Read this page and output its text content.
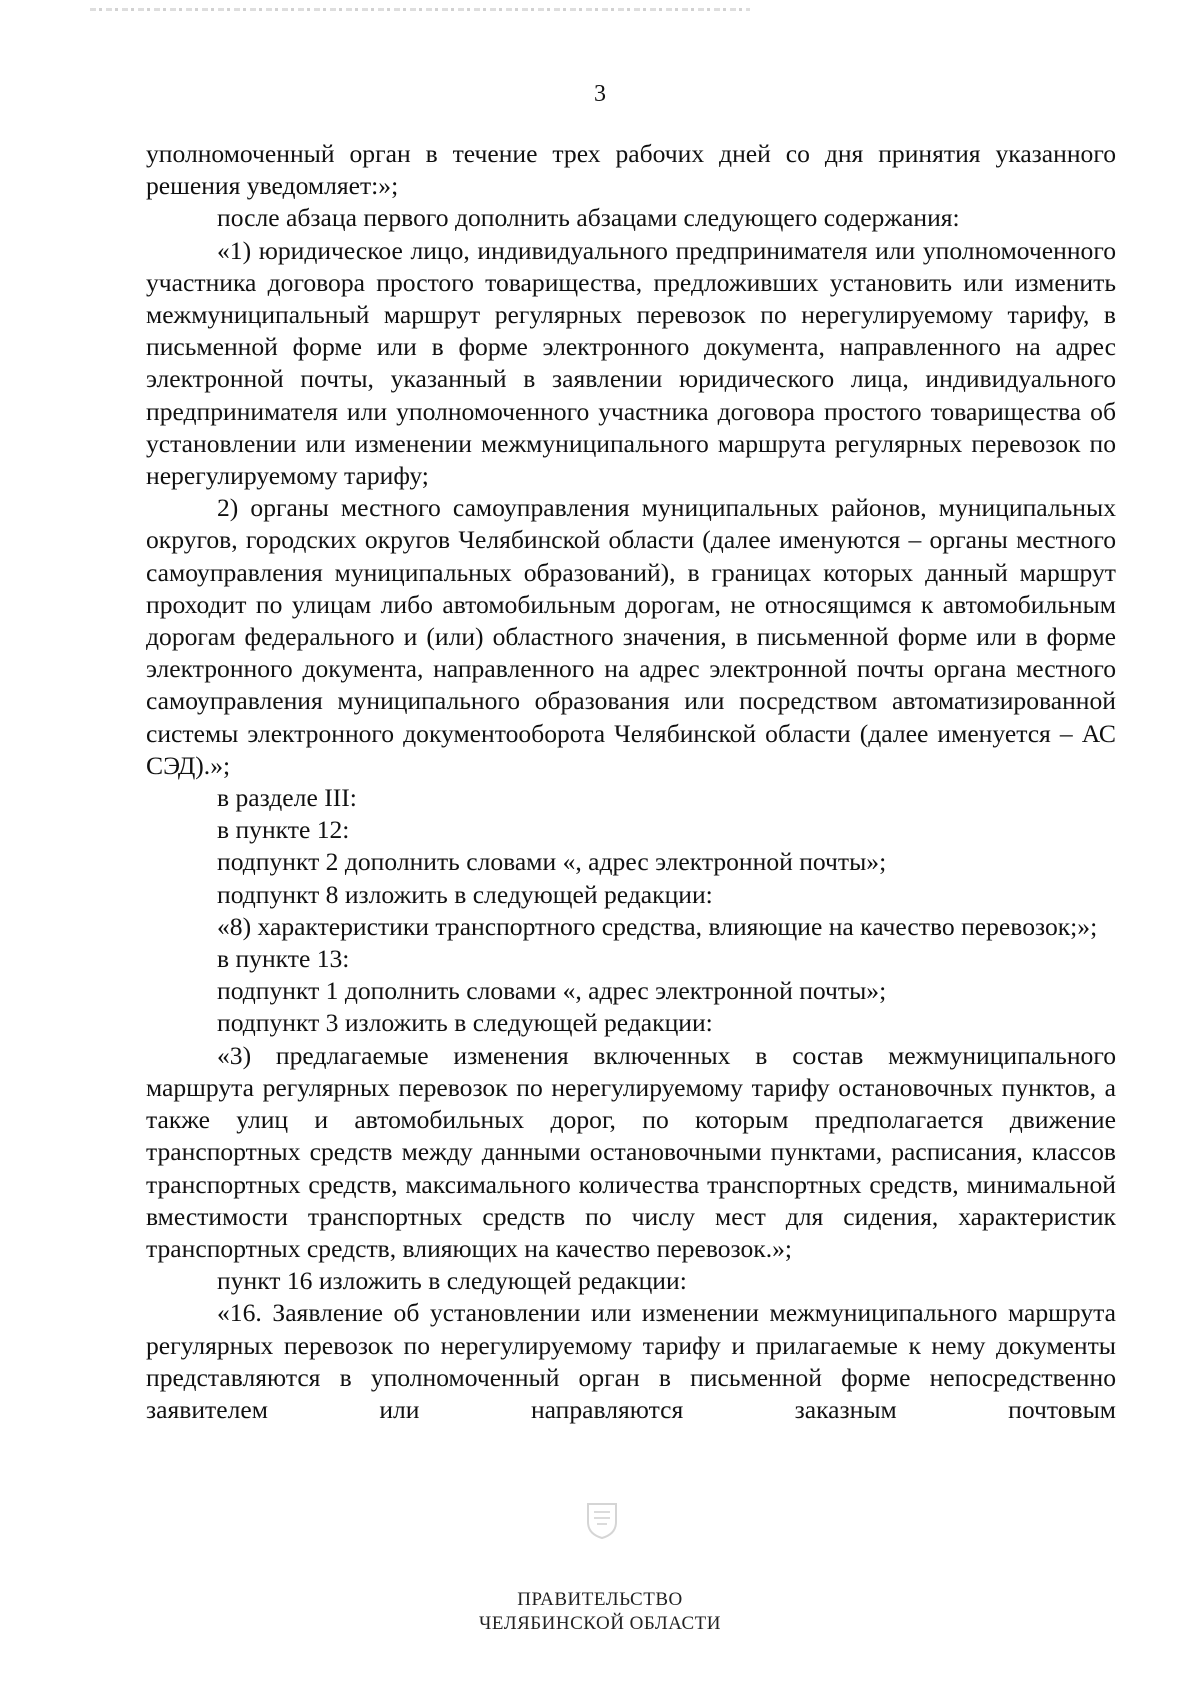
3

уполномоченный орган в течение трех рабочих дней со дня принятия указанного решения уведомляет:»;

после абзаца первого дополнить абзацами следующего содержания:

«1) юридическое лицо, индивидуального предпринимателя или уполномоченного участника договора простого товарищества, предложивших установить или изменить межмуниципальный маршрут регулярных перевозок по нерегулируемому тарифу, в письменной форме или в форме электронного документа, направленного на адрес электронной почты, указанный в заявлении юридического лица, индивидуального предпринимателя или уполномоченного участника договора простого товарищества об установлении или изменении межмуниципального маршрута регулярных перевозок по нерегулируемому тарифу;

2) органы местного самоуправления муниципальных районов, муниципальных округов, городских округов Челябинской области (далее именуются – органы местного самоуправления муниципальных образований), в границах которых данный маршрут проходит по улицам либо автомобильным дорогам, не относящимся к автомобильным дорогам федерального и (или) областного значения, в письменной форме или в форме электронного документа, направленного на адрес электронной почты органа местного самоуправления муниципального образования или посредством автоматизированной системы электронного документооборота Челябинской области (далее именуется – АС СЭД).»;

в разделе III:

в пункте 12:

подпункт 2 дополнить словами «, адрес электронной почты»;

подпункт 8 изложить в следующей редакции:

«8) характеристики транспортного средства, влияющие на качество перевозок;»;

в пункте 13:

подпункт 1 дополнить словами «, адрес электронной почты»;

подпункт 3 изложить в следующей редакции:

«3) предлагаемые изменения включенных в состав межмуниципального маршрута регулярных перевозок по нерегулируемому тарифу остановочных пунктов, а также улиц и автомобильных дорог, по которым предполагается движение транспортных средств между данными остановочными пунктами, расписания, классов транспортных средств, максимального количества транспортных средств, минимальной вместимости транспортных средств по числу мест для сидения, характеристик транспортных средств, влияющих на качество перевозок.»;

пункт 16 изложить в следующей редакции:

«16. Заявление об установлении или изменении межмуниципального маршрута регулярных перевозок по нерегулируемому тарифу и прилагаемые к нему документы представляются в уполномоченный орган в письменной форме непосредственно заявителем или направляются заказным почтовым

ПРАВИТЕЛЬСТВО
ЧЕЛЯБИНСКОЙ ОБЛАСТИ
